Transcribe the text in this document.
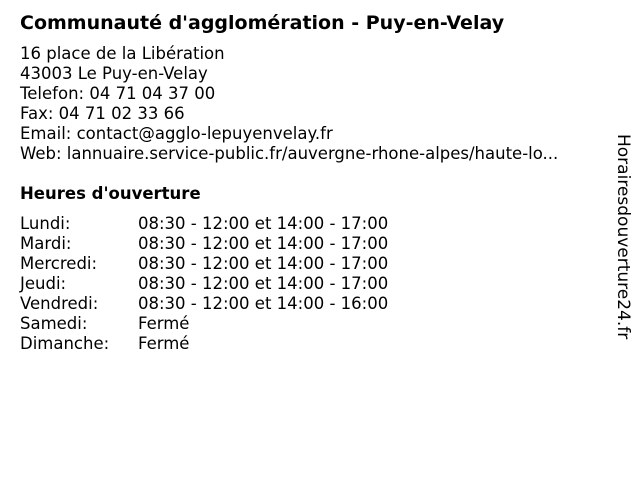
Communauté d'agglomération - Puy-en-Velay
16 place de la Libération
43003 Le Puy-en-Velay
Telefon: 04 71 04 37 00
Fax: 04 71 02 33 66
Email: contact@agglo-lepuyenvelay.fr
Web: lannuaire.service-public.fr/auvergne-rhone-alpes/haute-lo...
Heures d'ouverture
Lundi:	08:30 - 12:00 et 14:00 - 17:00
Mardi:	08:30 - 12:00 et 14:00 - 17:00
Mercredi: 08:30 - 12:00 et 14:00 - 17:00
Jeudi:	08:30 - 12:00 et 14:00 - 17:00
Vendredi: 08:30 - 12:00 et 14:00 - 16:00
Samedi:	Fermé
Dimanche: Fermé
Horairesdouverture24.fr
